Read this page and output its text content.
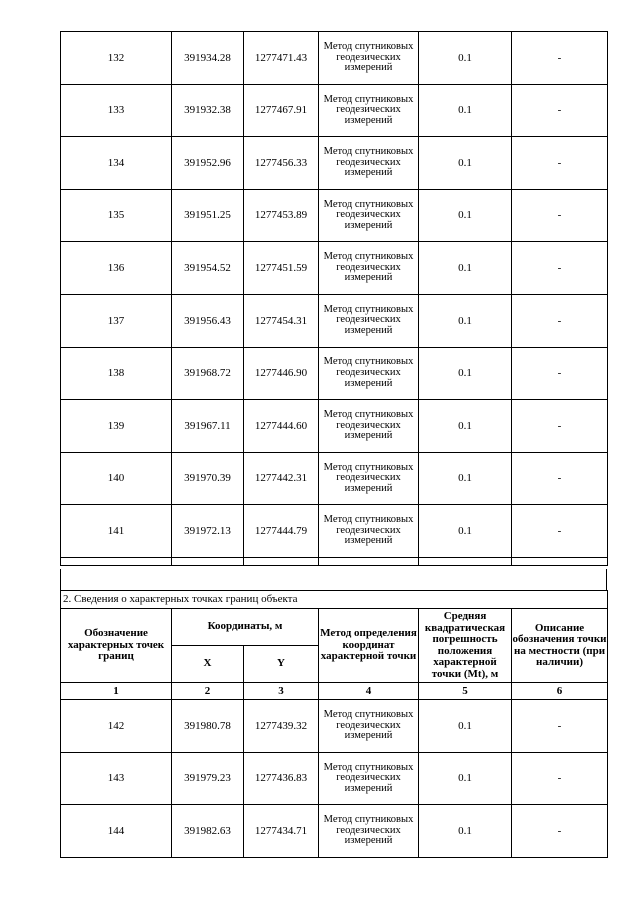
132	391934.28	1277471.43	Метод спутниковых геодезических измерений	0.1	-
133	391932.38	1277467.91	Метод спутниковых геодезических измерений	0.1	-
134	391952.96	1277456.33	Метод спутниковых геодезических измерений	0.1	-
135	391951.25	1277453.89	Метод спутниковых геодезических измерений	0.1	-
136	391954.52	1277451.59	Метод спутниковых геодезических измерений	0.1	-
137	391956.43	1277454.31	Метод спутниковых геодезических измерений	0.1	-
138	391968.72	1277446.90	Метод спутниковых геодезических измерений	0.1	-
139	391967.11	1277444.60	Метод спутниковых геодезических измерений	0.1	-
140	391970.39	1277442.31	Метод спутниковых геодезических измерений	0.1	-
141	391972.13	1277444.79	Метод спутниковых геодезических измерений	0.1	-

2. Сведения о характерных точках границ объекта					
Обозначение характерных точек границ	Координаты, м		Метод определения координат характерной точки	Средняя квадратическая погрешность положения характерной точки (Mt), м	Описание обозначения точки на местности (при наличии)
	X	Y			
1	2	3	4	5	6
142	391980.78	1277439.32	Метод спутниковых геодезических измерений	0.1	-
143	391979.23	1277436.83	Метод спутниковых геодезических измерений	0.1	-
144	391982.63	1277434.71	Метод спутниковых геодезических измерений	0.1	-
